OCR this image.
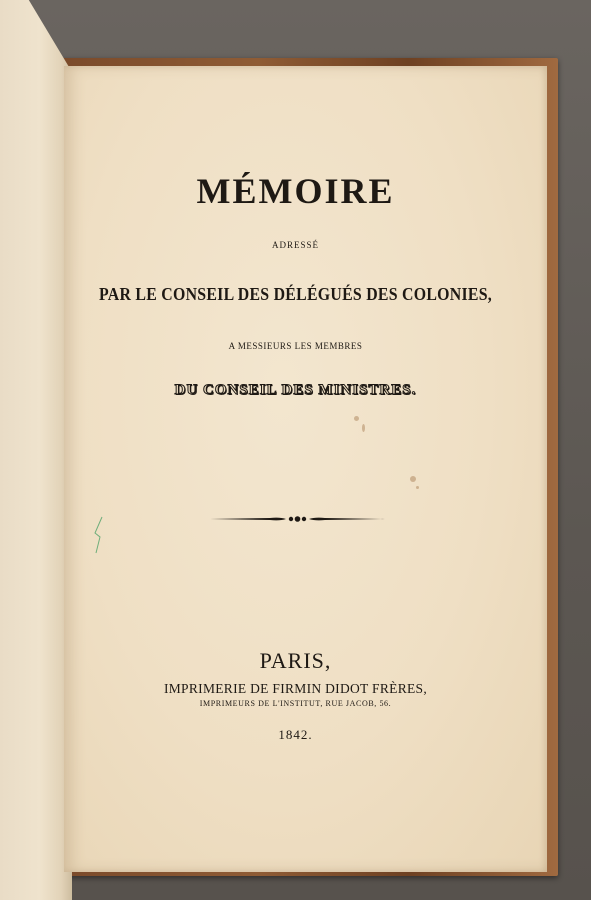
MÉMOIRE
ADRESSÉ
PAR LE CONSEIL DES DÉLÉGUÉS DES COLONIES,
A MESSIEURS LES MEMBRES
DU CONSEIL DES MINISTRES.
PARIS,
IMPRIMERIE DE FIRMIN DIDOT FRÈRES,
IMPRIMEURS DE L'INSTITUT, RUE JACOB, 56.
1842.
